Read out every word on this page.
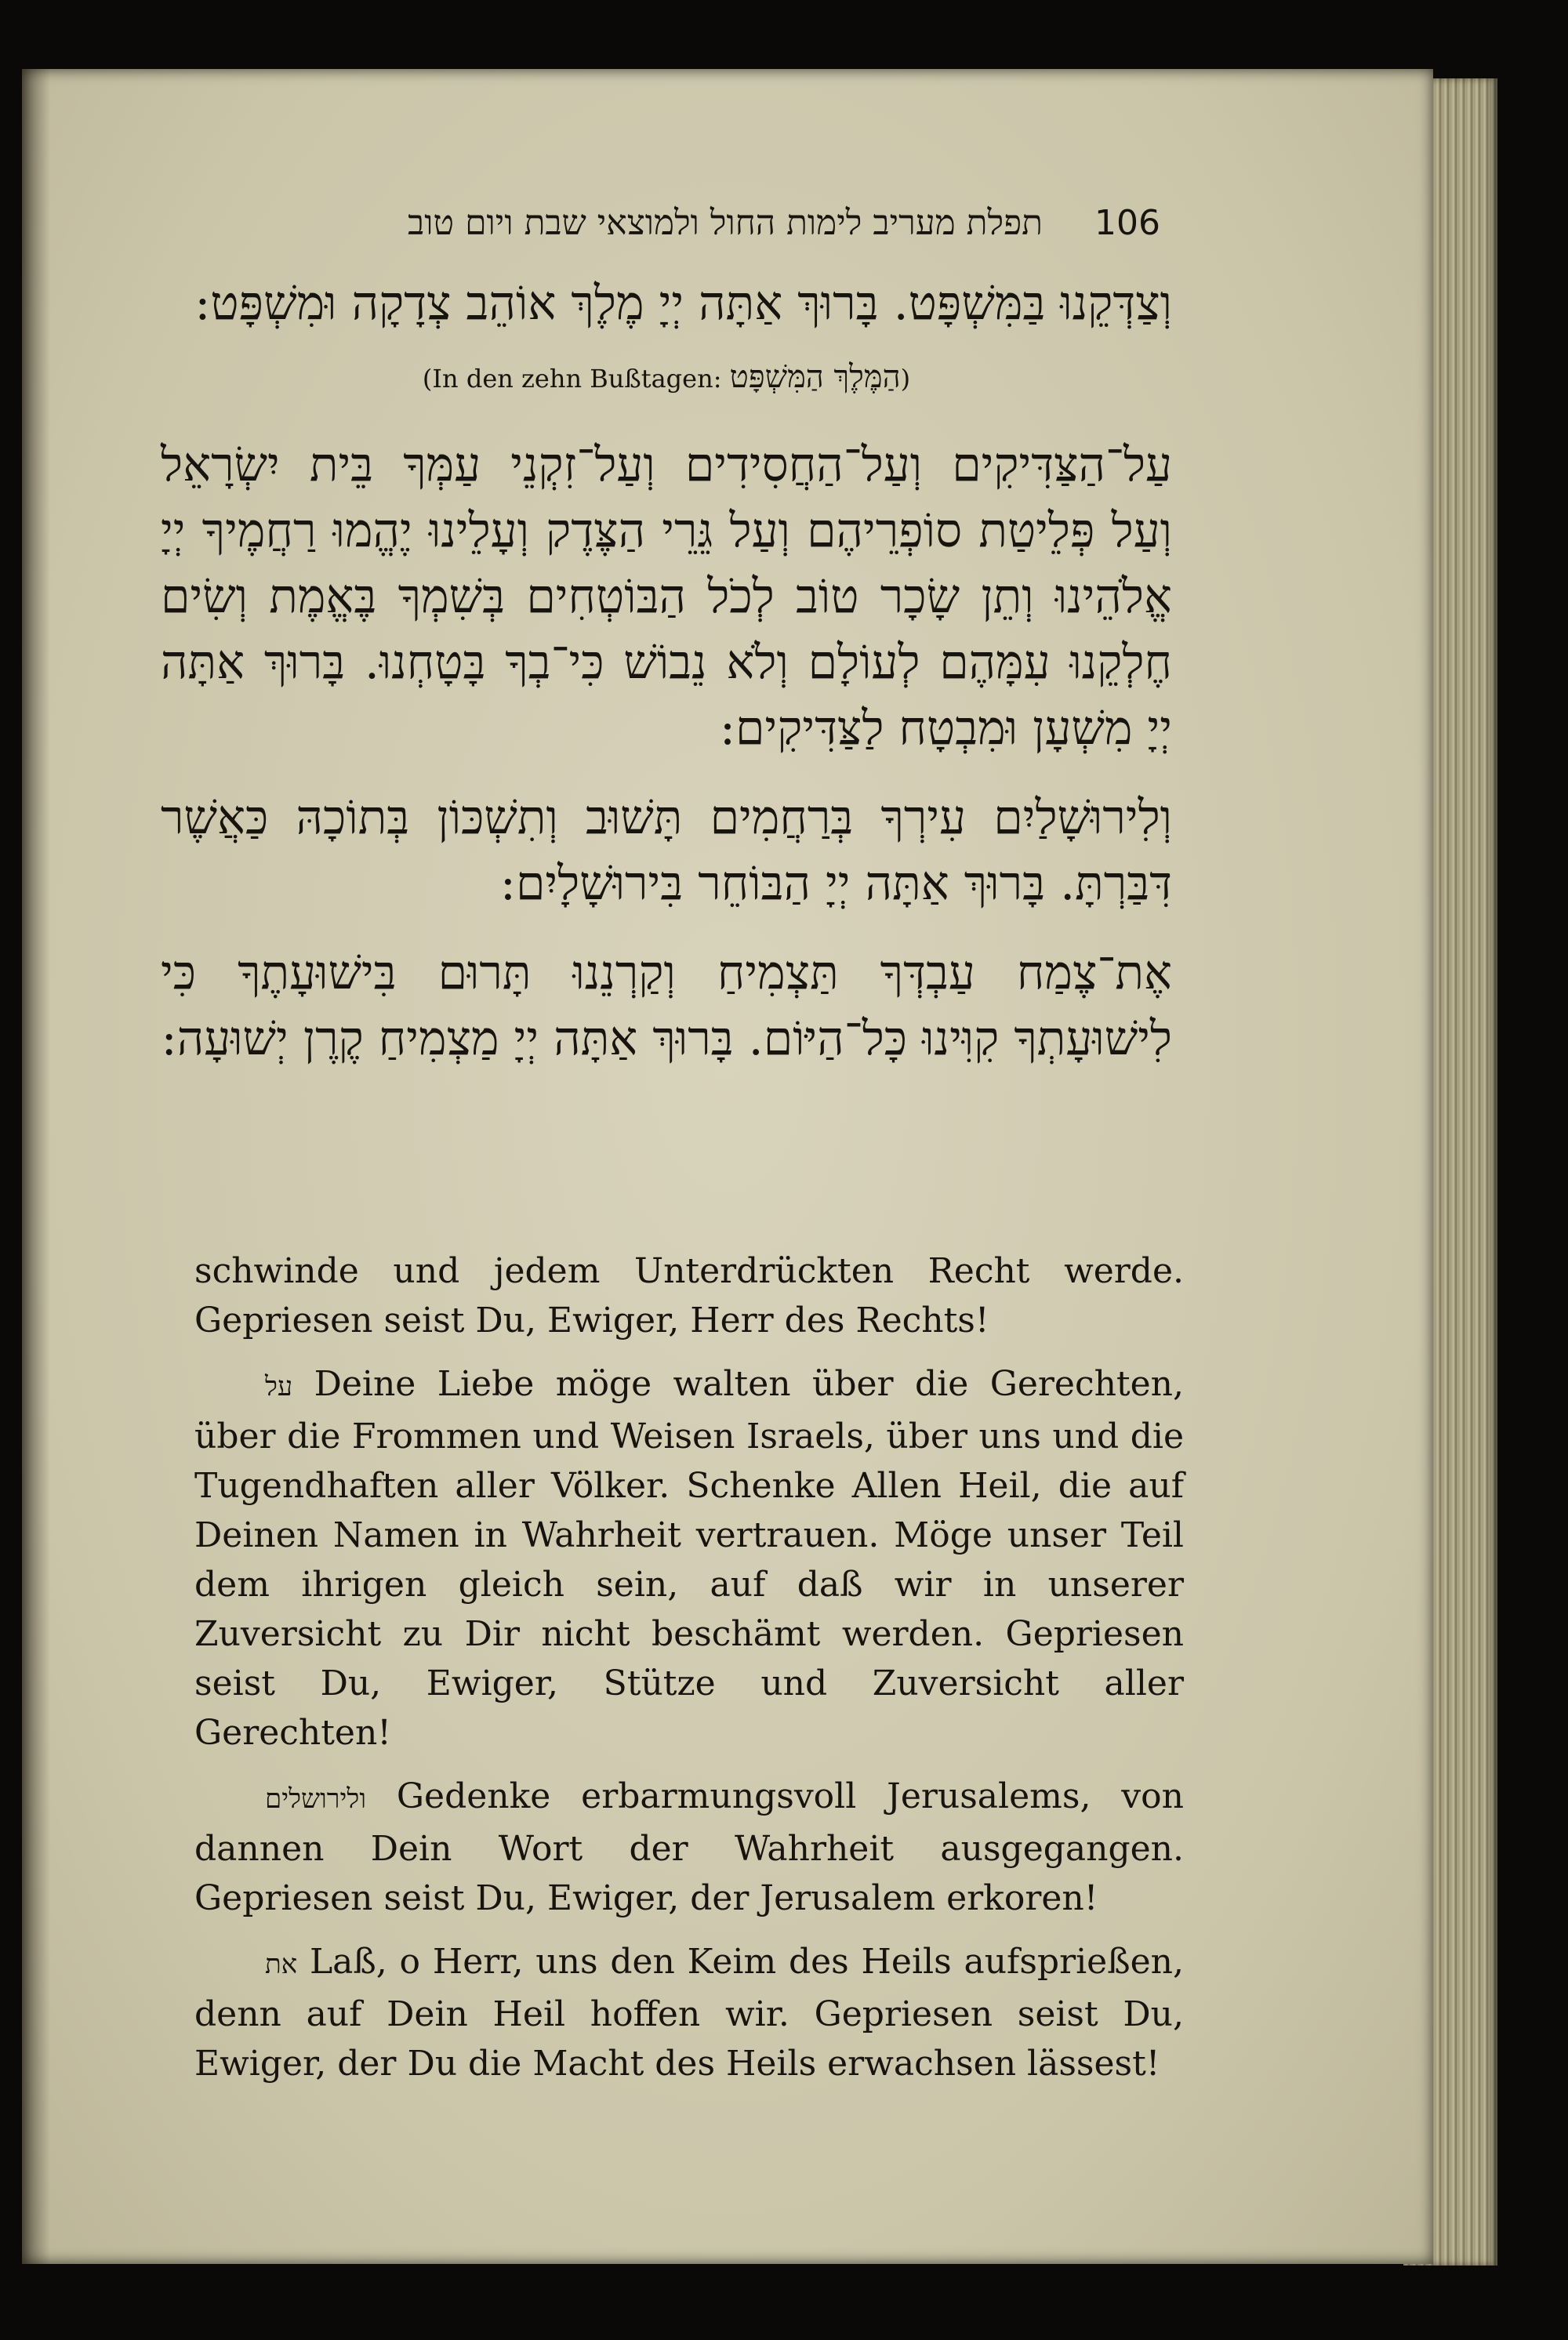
תפלת מעריב לימות החול ולמוצאי שבת ויום טוב 106

וְצַדְּקֵנוּ בַּמִּשְׁפָּט. בָּרוּךְ אַתָּה יְיָ מֶלֶךְ אוֹהֵב צְדָקָה וּמִשְׁפָּט:

(In den zehn Bußtagen: הַמֶּלֶךְ הַמִּשְׁפָּט)

עַל־הַצַּדִּיקִים וְעַל־הַחֲסִידִים וְעַל־זִקְנֵי עַמְּךָ בֵּית יִשְׂרָאֵל וְעַל פְּלֵיטַת סוֹפְרֵיהֶם וְעַל גֵּרֵי הַצֶּדֶק וְעָלֵינוּ יֶהֱמוּ רַחֲמֶיךָ יְיָ אֱלֹהֵינוּ וְתֵן שָׂכָר טוֹב לְכֹל הַבּוֹטְחִים בְּשִׁמְךָ בֶּאֱמֶת וְשִׂים חֶלְקֵנוּ עִמָּהֶם לְעוֹלָם וְלֹא נֵבוֹשׁ כִּי־בְךָ בָּטָחְנוּ. בָּרוּךְ אַתָּה יְיָ מִשְׁעָן וּמִבְטָח לַצַּדִּיקִים:

וְלִירוּשָׁלַיִם עִירְךָ בְּרַחֲמִים תָּשׁוּב וְתִשְׁכּוֹן בְּתוֹכָהּ כַּאֲשֶׁר דִּבַּרְתָּ. בָּרוּךְ אַתָּה יְיָ הַבּוֹחֵר בִּירוּשָׁלָיִם:

אֶת־צֶמַח עַבְדְּךָ תַּצְמִיחַ וְקַרְנֵנוּ תָּרוּם בִּישׁוּעָתֶךָ כִּי לִישׁוּעָתְךָ קִוִּינוּ כָּל־הַיּוֹם. בָּרוּךְ אַתָּה יְיָ מַצְמִיחַ קֶרֶן יְשׁוּעָה:

schwinde und jedem Unterdrückten Recht werde. Gepriesen seist Du, Ewiger, Herr des Rechts!

על Deine Liebe möge walten über die Gerechten, über die Frommen und Weisen Israels, über uns und die Tugendhaften aller Völker. Schenke Allen Heil, die auf Deinen Namen in Wahrheit vertrauen. Möge unser Teil dem ihrigen gleich sein, auf daß wir in unserer Zuversicht zu Dir nicht beschämt werden. Gepriesen seist Du, Ewiger, Stütze und Zuversicht aller Gerechten!

ולירושלים Gedenke erbarmungsvoll Jerusalems, von dannen Dein Wort der Wahrheit ausgegangen. Gepriesen seist Du, Ewiger, der Jerusalem erkoren!

את Laß, o Herr, uns den Keim des Heils aufsprießen, denn auf Dein Heil hoffen wir. Gepriesen seist Du, Ewiger, der Du die Macht des Heils erwachsen lässest!
